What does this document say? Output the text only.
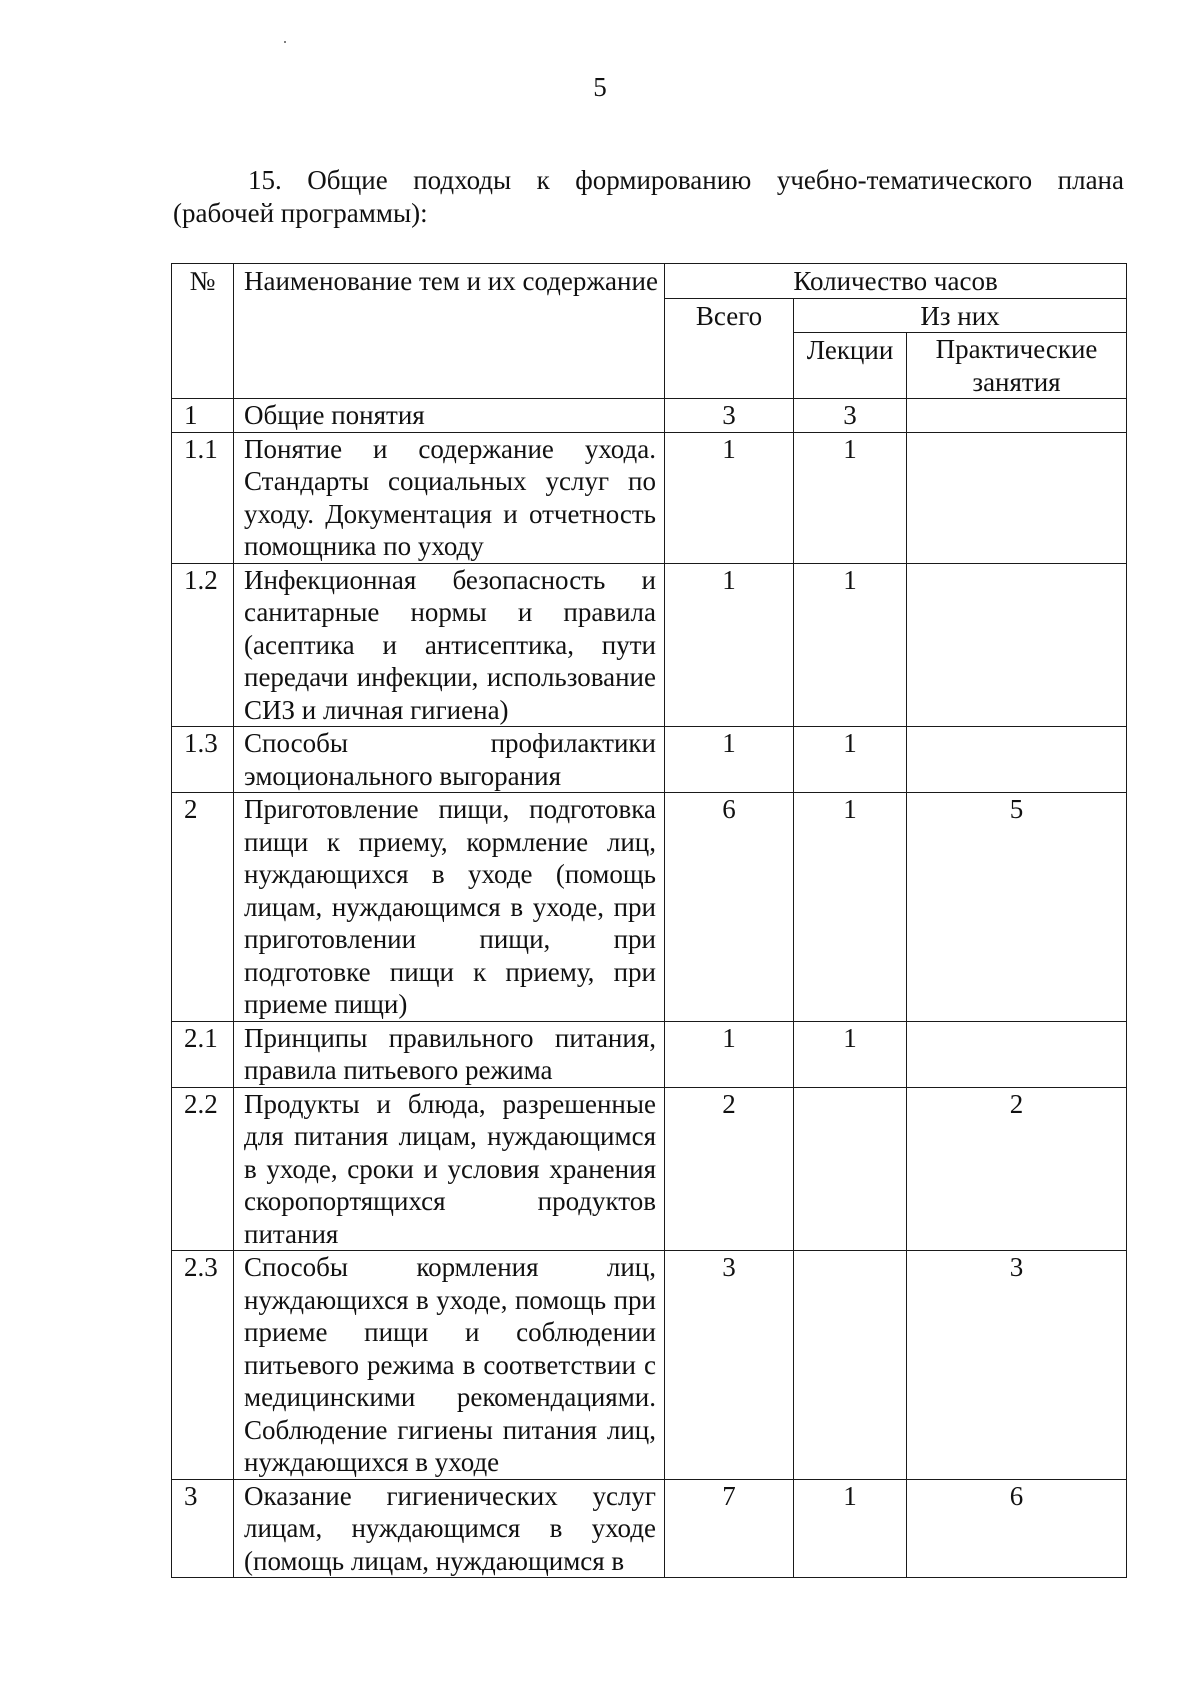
5
15. Общие подходы к формированию учебно-тематического плана
(рабочей программы):
№	Наименование тем и их содержание	Количество часов		
		Всего	Из них	
			Лекции	Практические занятия
1	Общие понятия	3	3	
1.1	Понятие и содержание ухода. Стандарты социальных услуг по уходу. Документация и отчетность помощника по уходу	1	1	
1.2	Инфекционная безопасность и санитарные нормы и правила (асептика и антисептика, пути передачи инфекции, использование СИЗ и личная гигиена)	1	1	
1.3	Способы профилактики эмоционального выгорания	1	1	
2	Приготовление пищи, подготовка пищи к приему, кормление лиц, нуждающихся в уходе (помощь лицам, нуждающимся в уходе, при приготовлении пищи, при подготовке пищи к приему, при приеме пищи)	6	1	5
2.1	Принципы правильного питания, правила питьевого режима	1	1	
2.2	Продукты и блюда, разрешенные для питания лицам, нуждающимся в уходе, сроки и условия хранения скоропортящихся продуктов питания	2		2
2.3	Способы кормления лиц, нуждающихся в уходе, помощь при приеме пищи и соблюдении питьевого режима в соответствии с медицинскими рекомендациями. Соблюдение гигиены питания лиц, нуждающихся в уходе	3		3
3	Оказание гигиенических услуг лицам, нуждающимся в уходе (помощь лицам, нуждающимся в	7	1	6
